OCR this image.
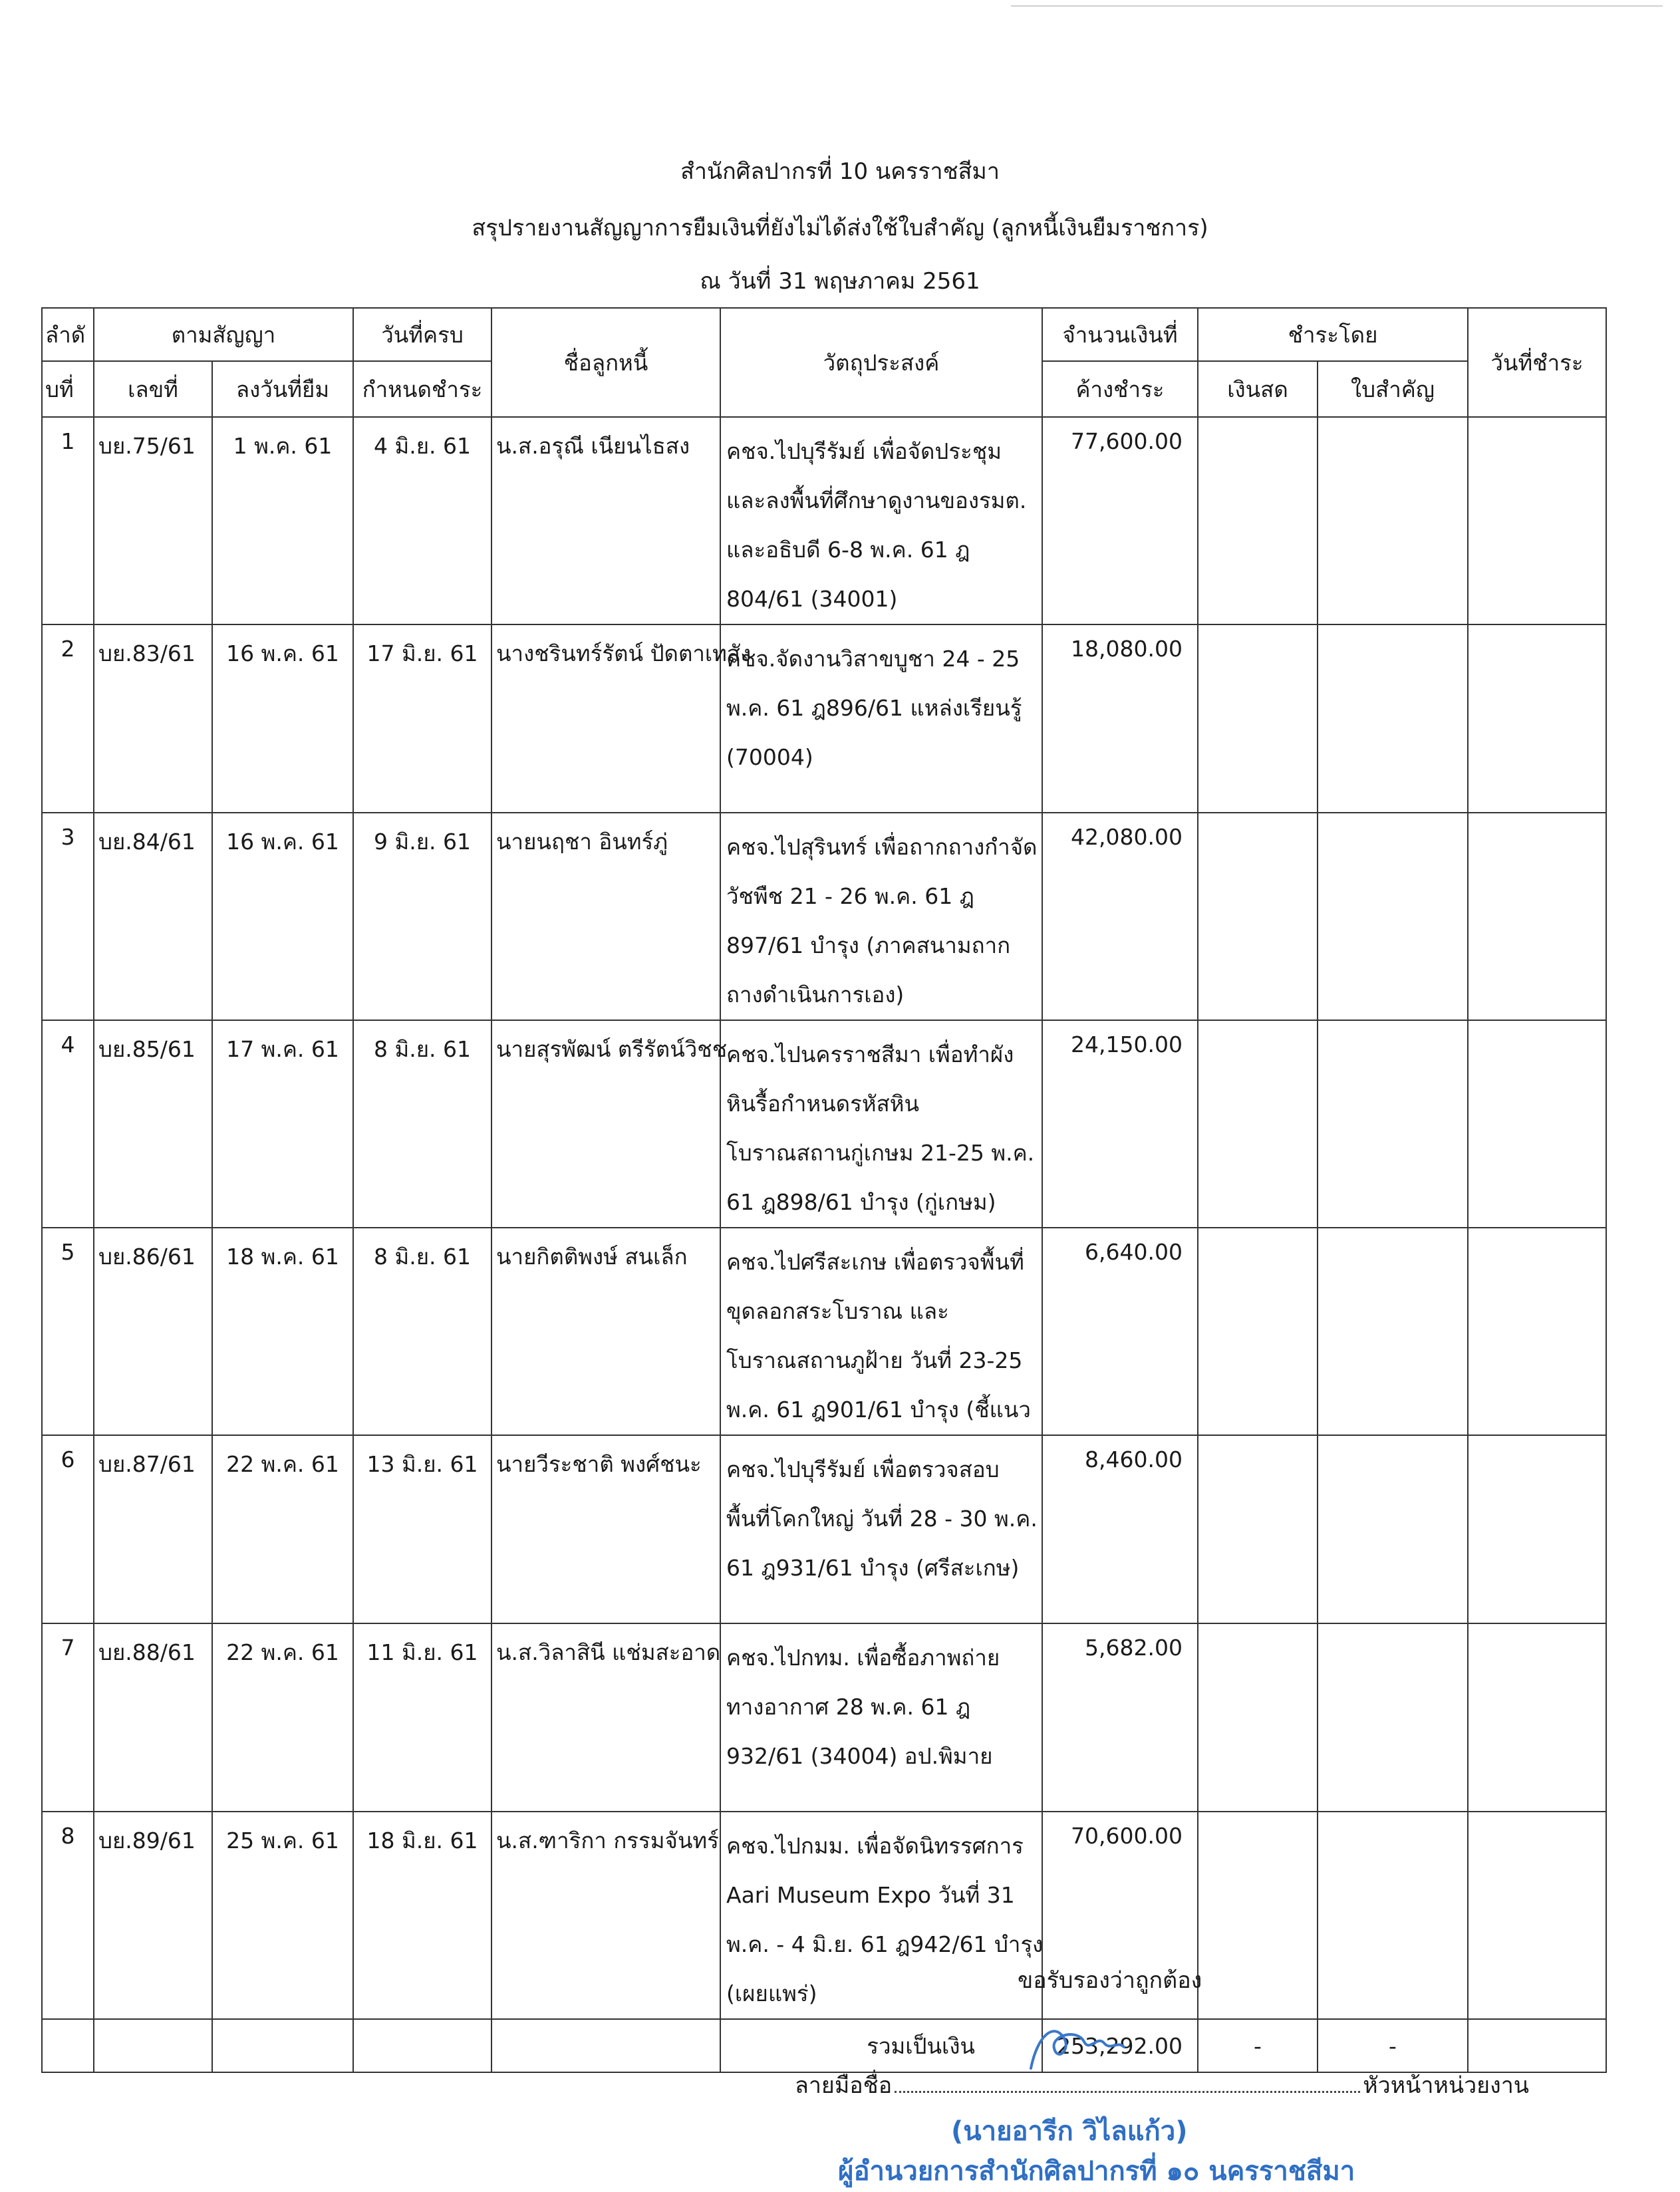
สำนักศิลปากรที่ 10 นครราชสีมา
สรุปรายงานสัญญาการยืมเงินที่ยังไม่ได้ส่งใช้ใบสำคัญ (ลูกหนี้เงินยืมราชการ)
ณ วันที่ 31 พฤษภาคม 2561
ลำดั	ตามสัญญา		วันที่ครบ	ชื่อลูกหนี้	วัตถุประสงค์	จำนวนเงินที่	ชำระโดย		วันที่ชำระ
บที่	เลขที่	ลงวันที่ยืม	กำหนดชำระ			ค้างชำระ	เงินสด	ใบสำคัญ	
1	บย.75/61	1 พ.ค. 61	4 มิ.ย. 61	น.ส.อรุณี เนียนไธสง	คชจ.ไปบุรีรัมย์ เพื่อจัดประชุม
และลงพื้นที่ศึกษาดูงานของรมต.
และอธิบดี 6-8 พ.ค. 61 ฎ
804/61 (34001)	77,600.00			
2	บย.83/61	16 พ.ค. 61	17 มิ.ย. 61	นางชรินทร์รัตน์ ปัดตาเทสัง	คชจ.จัดงานวิสาขบูชา 24 - 25
พ.ค. 61 ฎ896/61 แหล่งเรียนรู้
(70004)	18,080.00			
3	บย.84/61	16 พ.ค. 61	9 มิ.ย. 61	นายนฤชา อินทร์ภู่	คชจ.ไปสุรินทร์ เพื่อถากถางกำจัด
วัชพืช 21 - 26 พ.ค. 61 ฎ
897/61 บำรุง (ภาคสนามถาก
ถางดำเนินการเอง)	42,080.00			
4	บย.85/61	17 พ.ค. 61	8 มิ.ย. 61	นายสุรพัฒน์ ตรีรัตน์วิชช	คชจ.ไปนครราชสีมา เพื่อทำผัง
หินรื้อกำหนดรหัสหิน
โบราณสถานกู่เกษม 21-25 พ.ค.
61 ฎ898/61 บำรุง (กู่เกษม)	24,150.00			
5	บย.86/61	18 พ.ค. 61	8 มิ.ย. 61	นายกิตติพงษ์ สนเล็ก	คชจ.ไปศรีสะเกษ เพื่อตรวจพื้นที่
ขุดลอกสระโบราณ และ
โบราณสถานภูฝ้าย วันที่ 23-25
พ.ค. 61 ฎ901/61 บำรุง (ชี้แนว	6,640.00			
6	บย.87/61	22 พ.ค. 61	13 มิ.ย. 61	นายวีระชาติ พงศ์ชนะ	คชจ.ไปบุรีรัมย์ เพื่อตรวจสอบ
พื้นที่โคกใหญ่ วันที่ 28 - 30 พ.ค.
61 ฎ931/61 บำรุง (ศรีสะเกษ)	8,460.00			
7	บย.88/61	22 พ.ค. 61	11 มิ.ย. 61	น.ส.วิลาสินี แช่มสะอาด	คชจ.ไปกทม. เพื่อซื้อภาพถ่าย
ทางอากาศ 28 พ.ค. 61 ฎ
932/61 (34004) อป.พิมาย	5,682.00			
8	บย.89/61	25 พ.ค. 61	18 มิ.ย. 61	น.ส.ฑาริกา กรรมจันทร์	คชจ.ไปกมม. เพื่อจัดนิทรรศการ
Aari Museum Expo วันที่ 31
พ.ค. - 4 มิ.ย. 61 ฎ942/61 บำรุง
(เผยแพร่)	70,600.00			
					รวมเป็นเงิน	253,292.00	-	-	
ขอรับรองว่าถูกต้อง
ลายมือชื่อ	หัวหน้าหน่วยงาน
(นายอารีก วิไลแก้ว)
ผู้อำนวยการสำนักศิลปากรที่ ๑๐ นครราชสีมา
